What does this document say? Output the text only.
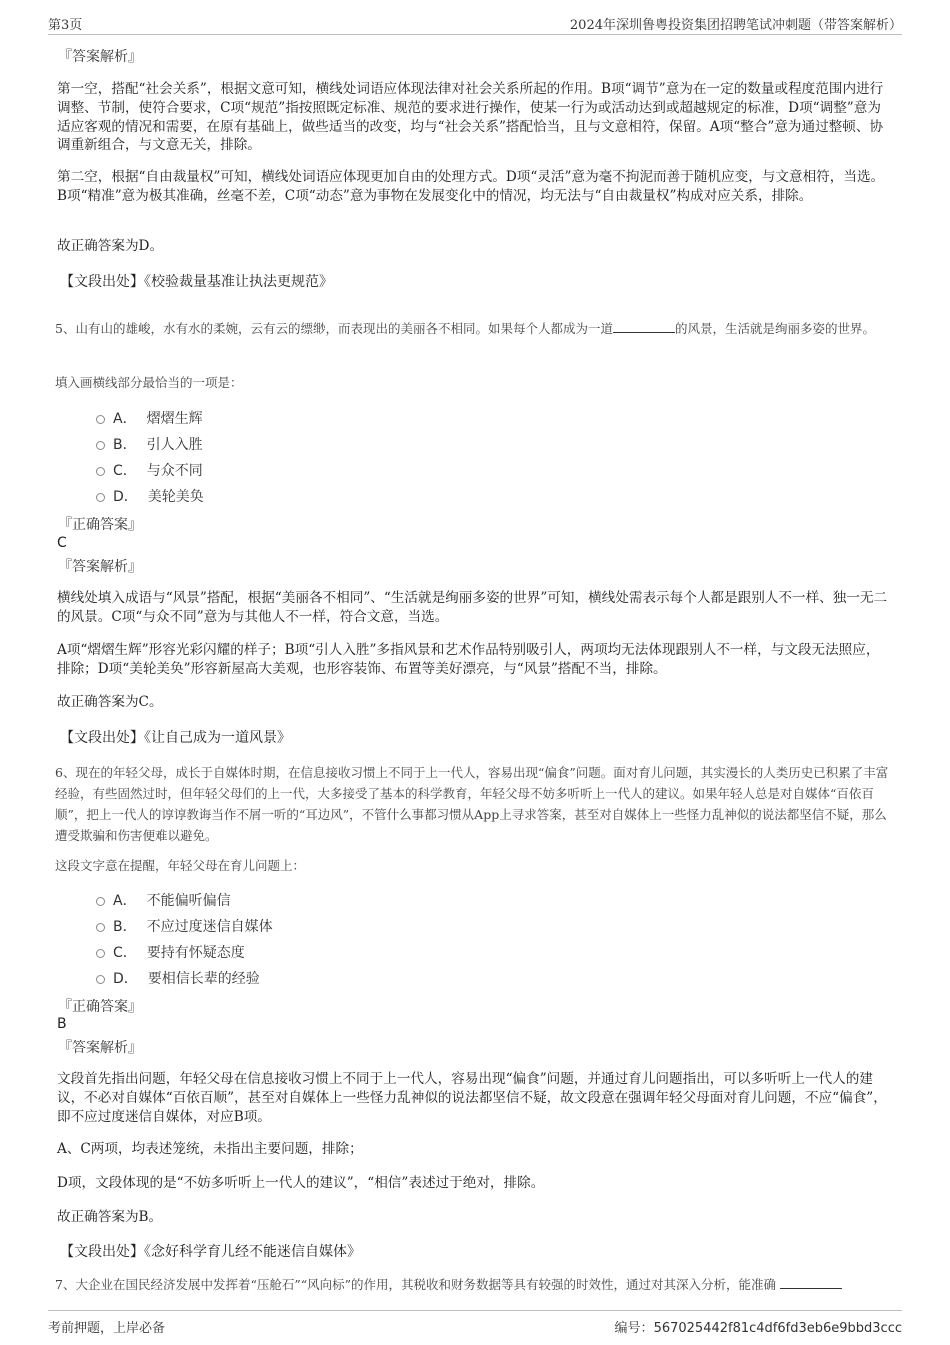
第3页	2024年深圳鲁粤投资集团招聘笔试冲刺题（带答案解析）
『答案解析』
第一空，搭配“社会关系”，根据文意可知，横线处词语应体现法律对社会关系所起的作用。B项“调节”意为在一定的数量或程度范围内进行调整、节制，使符合要求，C项“规范”指按照既定标准、规范的要求进行操作，使某一行为或活动达到或超越规定的标准，D项“调整”意为适应客观的情况和需要，在原有基础上，做些适当的改变，均与“社会关系”搭配恰当，且与文意相符，保留。A项“整合”意为通过整顿、协调重新组合，与文意无关，排除。
第二空，根据“自由裁量权”可知，横线处词语应体现更加自由的处理方式。D项“灵活”意为毫不拘泥而善于随机应变，与文意相符，当选。B项“精准”意为极其准确，丝毫不差，C项“动态”意为事物在发展变化中的情况，均无法与“自由裁量权”构成对应关系，排除。
故正确答案为D。
【文段出处】《校验裁量基准让执法更规范》
5、山有山的雄峻，水有水的柔婉，云有云的缥缈，而表现出的美丽各不相同。如果每个人都成为一道	的风景，生活就是绚丽多姿的世界。
填入画横线部分最恰当的一项是：
A． 熠熠生辉
B． 引人入胜
C． 与众不同
D． 美轮美奂
『正确答案』
C
『答案解析』
横线处填入成语与“风景”搭配，根据“美丽各不相同”、“生活就是绚丽多姿的世界”可知，横线处需表示每个人都是跟别人不一样、独一无二的风景。C项“与众不同”意为与其他人不一样，符合文意，当选。
A项“熠熠生辉”形容光彩闪耀的样子；B项“引人入胜”多指风景和艺术作品特别吸引人，两项均无法体现跟别人不一样，与文段无法照应，排除；D项“美轮美奂”形容新屋高大美观，也形容装饰、布置等美好漂亮，与“风景”搭配不当，排除。
故正确答案为C。
【文段出处】《让自己成为一道风景》
6、现在的年轻父母，成长于自媒体时期，在信息接收习惯上不同于上一代人，容易出现“偏食”问题。面对育儿问题，其实漫长的人类历史已积累了丰富经验，有些固然过时，但年轻父母们的上一代，大多接受了基本的科学教育，年轻父母不妨多听听上一代人的建议。如果年轻人总是对自媒体“百依百顺”，把上一代人的谆谆教诲当作不屑一听的“耳边风”，不管什么事都习惯从App上寻求答案，甚至对自媒体上一些怪力乱神似的说法都坚信不疑，那么遭受欺骗和伤害便难以避免。
这段文字意在提醒，年轻父母在育儿问题上：
A． 不能偏听偏信
B． 不应过度迷信自媒体
C． 要持有怀疑态度
D． 要相信长辈的经验
『正确答案』
B
『答案解析』
文段首先指出问题，年轻父母在信息接收习惯上不同于上一代人，容易出现“偏食”问题，并通过育儿问题指出，可以多听听上一代人的建议，不必对自媒体“百依百顺”，甚至对自媒体上一些怪力乱神似的说法都坚信不疑，故文段意在强调年轻父母面对育儿问题，不应“偏食”，即不应过度迷信自媒体，对应B项。
A、C两项，均表述笼统，未指出主要问题，排除；
D项，文段体现的是“不妨多听听上一代人的建议”，“相信”表述过于绝对，排除。
故正确答案为B。
【文段出处】《念好科学育儿经不能迷信自媒体》
7、大企业在国民经济发展中发挥着“压舱石”“风向标”的作用，其税收和财务数据等具有较强的时效性，通过对其深入分析，能准确
考前押题，上岸必备	编号：567025442f81c4df6fd3eb6e9bbd3ccc
